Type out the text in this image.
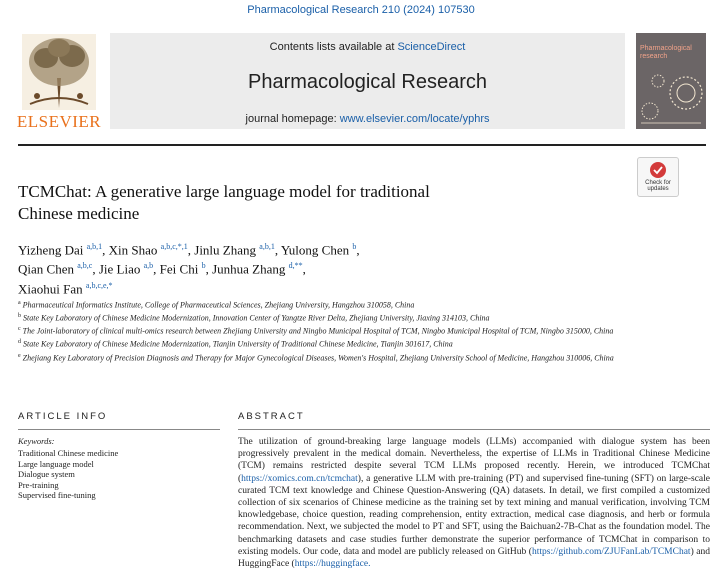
Pharmacological Research 210 (2024) 107530
ELSEVIER
Contents lists available at ScienceDirect
Pharmacological Research
journal homepage: www.elsevier.com/locate/yphrs
Pharmacological research
Check for updates
TCMChat: A generative large language model for traditional
Chinese medicine
Yizheng Dai $^{a,b,1}$, Xin Shao $^{a,b,c,*,1}$, Jinlu Zhang $^{a,b,1}$, Yulong Chen $^b$,
Qian Chen $^{a,b,c}$, Jie Liao $^{a,b}$, Fei Chi $^b$, Junhua Zhang $^{d,**}$,
Xiaohui Fan $^{a,b,c,e,*}$

$^a$ Pharmaceutical Informatics Institute, College of Pharmaceutical Sciences, Zhejiang University, Hangzhou 310058, China

$^b$ State Key Laboratory of Chinese Medicine Modernization, Innovation Center of Yangtze River Delta, Zhejiang University, Jiaxing 314103, China

$^c$ The Joint-laboratory of clinical multi-omics research between Zhejiang University and Ningbo Municipal Hospital of TCM, Ningbo Municipal Hospital of TCM, Ningbo 315000, China

$^d$ State Key Laboratory of Chinese Medicine Modernization, Tianjin University of Traditional Chinese Medicine, Tianjin 301617, China

$^e$ Zhejiang Key Laboratory of Precision Diagnosis and Therapy for Major Gynecological Diseases, Women's Hospital, Zhejiang University School of Medicine, Hangzhou 310006, China

ARTICLE INFO	ABSTRACT
Keywords:
Traditional Chinese medicine
Large language model
Dialogue system
Pre-training
Supervised fine-tuning
The utilization of ground-breaking large language models (LLMs) accompanied with dialogue system has been progressively prevalent in the medical domain. Nevertheless, the expertise of LLMs in Traditional Chinese Medicine (TCM) remains restricted despite several TCM LLMs proposed recently. Herein, we introduced TCMChat (https://xomics.com.cn/tcmchat), a generative LLM with pre-training (PT) and supervised fine-tuning (SFT) on large-scale curated TCM text knowledge and Chinese Question-Answering (QA) datasets. In detail, we first compiled a customized collection of six scenarios of Chinese medicine as the training set by text mining and manual verification, involving TCM knowledgebase, choice question, reading comprehension, entity extraction, medical case diagnosis, and herb or formula recommendation. Next, we subjected the model to PT and SFT, using the Baichuan2-7B-Chat as the foundation model. The benchmarking datasets and case studies further demonstrate the superior performance of TCMChat in comparison to existing models. Our code, data and model are publicly released on GitHub (https://github.com/ZJUFanLab/TCMChat) and HuggingFace (https://huggingface.
